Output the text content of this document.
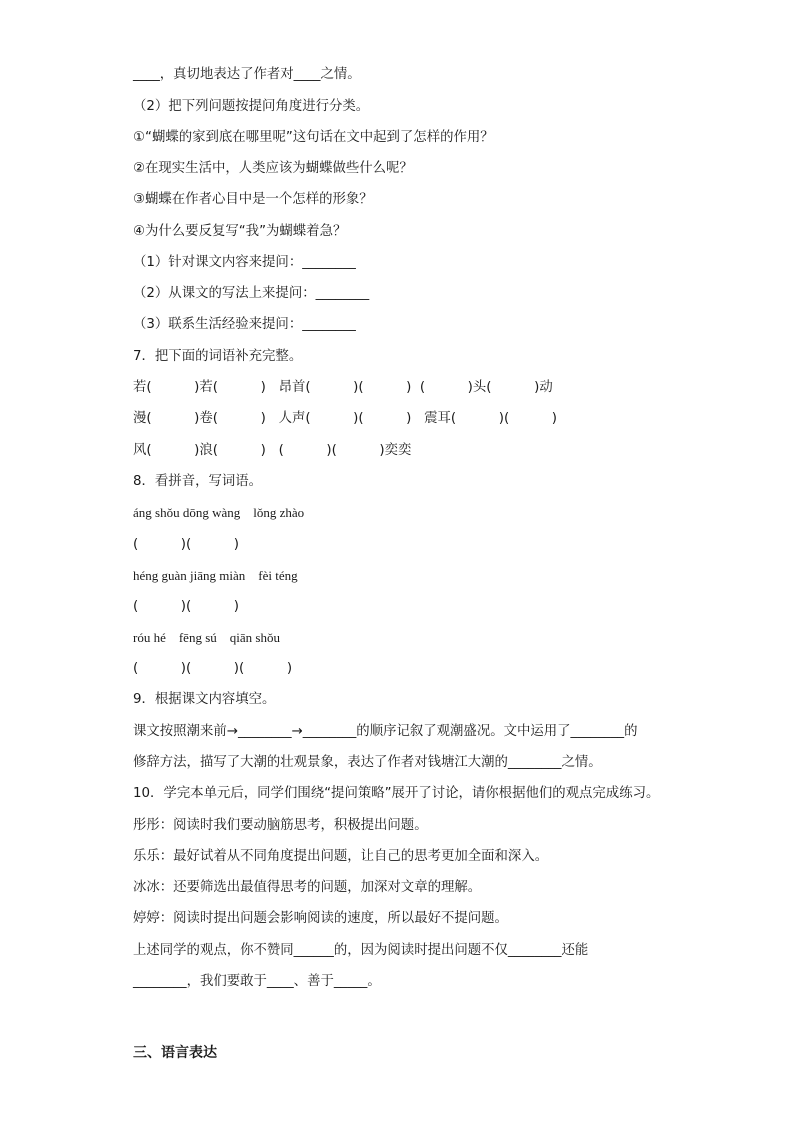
____，真切地表达了作者对____之情。
（2）把下列问题按提问角度进行分类。
①“蝴蝶的家到底在哪里呢”这句话在文中起到了怎样的作用？
②在现实生活中，人类应该为蝴蝶做些什么呢？
③蝴蝶在作者心目中是一个怎样的形象？
④为什么要反复写“我”为蝴蝶着急？
（1）针对课文内容来提问：________
（2）从课文的写法上来提问：________
（3）联系生活经验来提问：________
7．把下面的词语补充完整。
若(          )若(          )   昂首(          )(          )  (          )头(          )动
漫(          )卷(          )   人声(          )(          )   震耳(          )(          )
风(          )浪(          )   (          )(          )奕奕
8．看拼音，写词语。
áng shǒu dōng wàng    lǒng zhào
(          )(          )
héng guàn jiāng miàn    fèi téng
(          )(          )
róu hé    fēng sú    qiān shǒu
(          )(          )(          )
9．根据课文内容填空。
课文按照潮来前→________→________的顺序记叙了观潮盛况。文中运用了________的
修辞方法，描写了大潮的壮观景象，表达了作者对钱塘江大潮的________之情。
10．学完本单元后，同学们围绕“提问策略”展开了讨论，请你根据他们的观点完成练习。
彤彤：阅读时我们要动脑筋思考，积极提出问题。
乐乐：最好试着从不同角度提出问题，让自己的思考更加全面和深入。
冰冰：还要筛选出最值得思考的问题，加深对文章的理解。
婷婷：阅读时提出问题会影响阅读的速度，所以最好不提问题。
上述同学的观点，你不赞同______的，因为阅读时提出问题不仅________还能
________，我们要敢于____、善于_____。
三、语言表达
